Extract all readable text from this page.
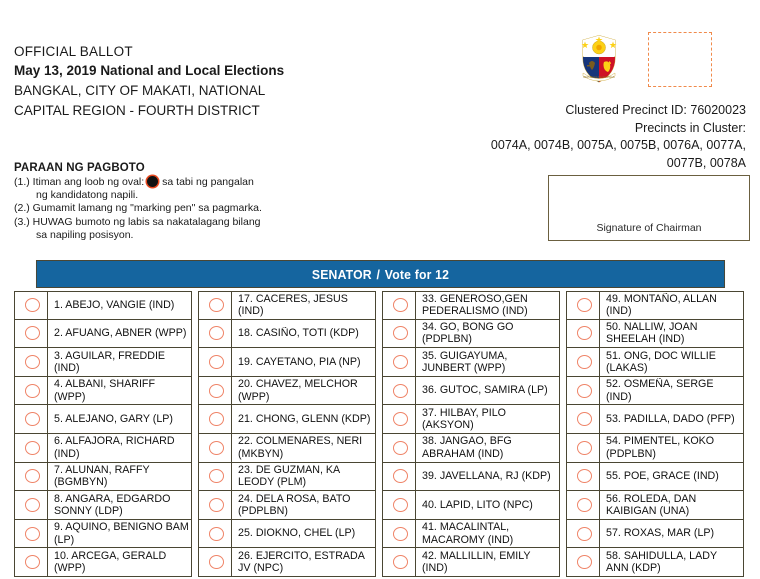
OFFICIAL BALLOT
May 13, 2019 National and Local Elections
BANGKAL, CITY OF MAKATI, NATIONAL
CAPITAL REGION - FOURTH DISTRICT
REPUBLIKA NG PILIPINAS
Clustered Precinct ID: 76020023
Precincts in Cluster:
0074A, 0074B, 0075A, 0075B, 0076A, 0077A,
0077B, 0078A
Signature of Chairman
PARAAN NG PAGBOTO
(1.) Itiman ang loob ng oval: sa tabi ng pangalan
ng kandidatong napili.
(2.) Gumamit lamang ng "marking pen" sa pagmarka.
(3.) HUWAG bumoto ng labis sa nakatalagang bilang
sa napiling posisyon.
SENATOR / Vote for 12
1. ABEJO, VANGIE (IND)
2. AFUANG, ABNER (WPP)
3. AGUILAR, FREDDIE (IND)
4. ALBANI, SHARIFF (WPP)
5. ALEJANO, GARY (LP)
6. ALFAJORA, RICHARD (IND)
7. ALUNAN, RAFFY (BGMBYN)
8. ANGARA, EDGARDO SONNY (LDP)
9. AQUINO, BENIGNO BAM (LP)
10. ARCEGA, GERALD (WPP)
17. CACERES, JESUS (IND)
18. CASIÑO, TOTI (KDP)
19. CAYETANO, PIA (NP)
20. CHAVEZ, MELCHOR (WPP)
21. CHONG, GLENN (KDP)
22. COLMENARES, NERI (MKBYN)
23. DE GUZMAN, KA LEODY (PLM)
24. DELA ROSA, BATO (PDPLBN)
25. DIOKNO, CHEL (LP)
26. EJERCITO, ESTRADA JV (NPC)
33. GENEROSO,GEN PEDERALISMO (IND)
34. GO, BONG GO (PDPLBN)
35. GUIGAYUMA, JUNBERT (WPP)
36. GUTOC, SAMIRA (LP)
37. HILBAY, PILO (AKSYON)
38. JANGAO, BFG ABRAHAM (IND)
39. JAVELLANA, RJ (KDP)
40. LAPID, LITO (NPC)
41. MACALINTAL, MACAROMY (IND)
42. MALLILLIN, EMILY (IND)
49. MONTAÑO, ALLAN (IND)
50. NALLIW, JOAN SHEELAH (IND)
51. ONG, DOC WILLIE (LAKAS)
52. OSMEÑA, SERGE (IND)
53. PADILLA, DADO (PFP)
54. PIMENTEL, KOKO (PDPLBN)
55. POE, GRACE (IND)
56. ROLEDA, DAN KAIBIGAN (UNA)
57. ROXAS, MAR (LP)
58. SAHIDULLA, LADY ANN (KDP)
